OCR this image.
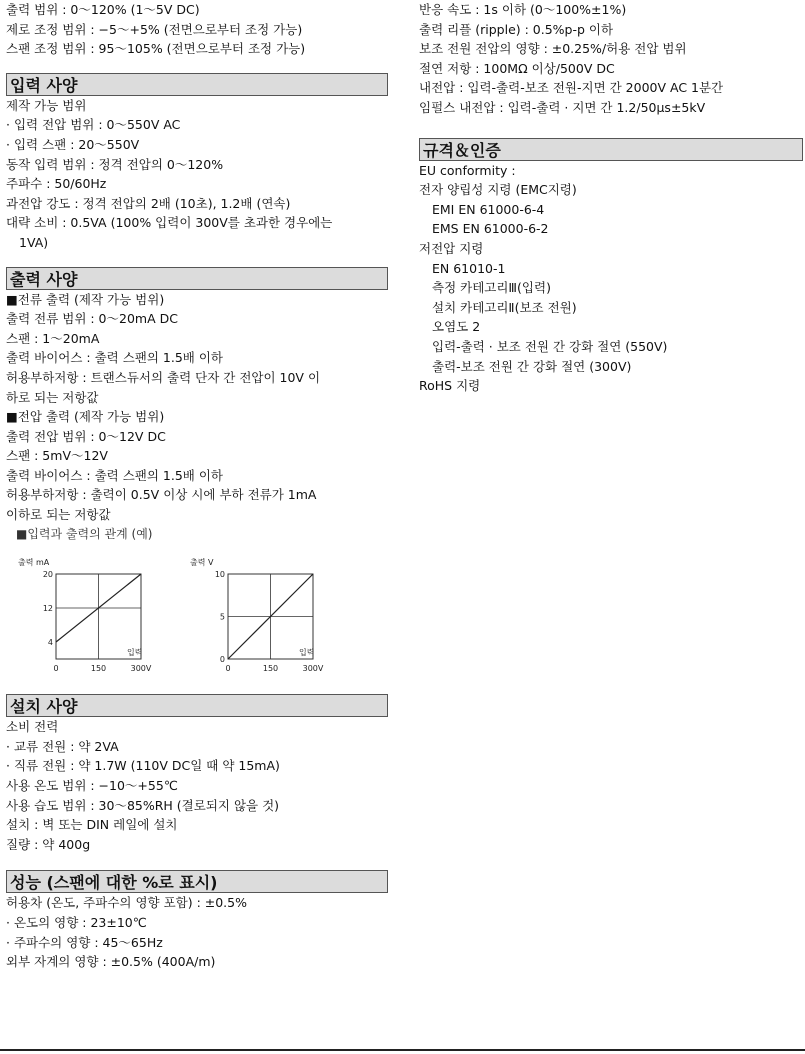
출력 범위 : 0～120% (1～5V DC)
제로 조정 범위 : −5～+5% (전면으로부터 조정 가능)
스팬 조정 범위 : 95～105% (전면으로부터 조정 가능)
입력 사양
제작 가능 범위
· 입력 전압 범위 : 0～550V AC
· 입력 스팬 : 20～550V
동작 입력 범위 : 정격 전압의 0～120%
주파수 : 50/60Hz
과전압 강도 : 정격 전압의 2배 (10초), 1.2배 (연속)
대략 소비 : 0.5VA (100% 입력이 300V를 초과한 경우에는
1VA)
출력 사양
■전류 출력 (제작 가능 범위)
출력 전류 범위 : 0～20mA DC
스팬 : 1～20mA
출력 바이어스 : 출력 스팬의 1.5배 이하
허용부하저항 : 트랜스듀서의 출력 단자 간 전압이 10V 이
하로 되는 저항값
■전압 출력 (제작 가능 범위)
출력 전압 범위 : 0～12V DC
스팬 : 5mV～12V
출력 바이어스 : 출력 스팬의 1.5배 이하
허용부하저항 : 출력이 0.5V 이상 시에 부하 전류가 1mA
이하로 되는 저항값
■입력과 출력의 관계 (예)
출력 mA
입력
0	150	300V
4
12
20
출력 V
입력
0	150	300V
0
5
10
설치 사양
소비 전력
· 교류 전원 : 약 2VA
· 직류 전원 : 약 1.7W (110V DC일 때 약 15mA)
사용 온도 범위 : −10～+55℃
사용 습도 범위 : 30～85%RH (결로되지 않을 것)
설치 : 벽 또는 DIN 레일에 설치
질량 : 약 400g
성능 (스팬에 대한 %로 표시)
허용차 (온도, 주파수의 영향 포함) : ±0.5%
· 온도의 영향 : 23±10℃
· 주파수의 영향 : 45～65Hz
외부 자계의 영향 : ±0.5% (400A/m)
반응 속도 : 1s 이하 (0～100%±1%)
출력 리플 (ripple) : 0.5%p-p 이하
보조 전원 전압의 영향 : ±0.25%/허용 전압 범위
절연 저항 : 100MΩ 이상/500V DC
내전압 : 입력-출력-보조 전원-지면 간 2000V AC 1분간
임펄스 내전압 : 입력-출력 · 지면 간 1.2/50μs±5kV
규격＆인증
EU conformity :
전자 양립성 지령 (EMC지령)
EMI EN 61000-6-4
EMS EN 61000-6-2
저전압 지령
EN 61010-1
측정 카테고리Ⅲ(입력)
설치 카테고리Ⅱ(보조 전원)
오염도 2
입력-출력 · 보조 전원 간 강화 절연 (550V)
출력-보조 전원 간 강화 절연 (300V)
RoHS 지령
